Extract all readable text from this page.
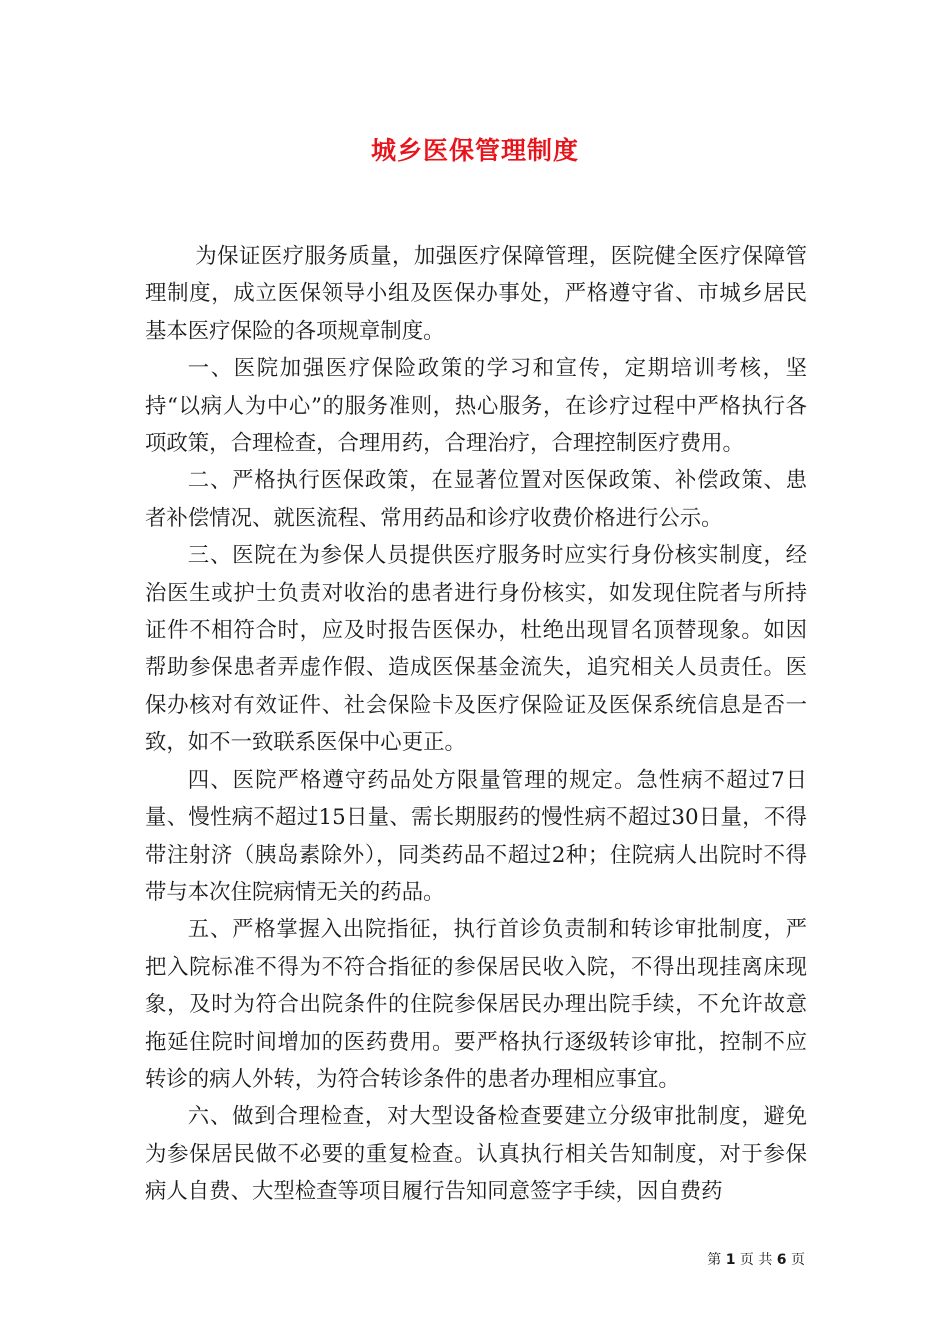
城乡医保管理制度

为保证医疗服务质量，加强医疗保障管理，医院健全医疗保障管理制度，成立医保领导小组及医保办事处，严格遵守省、市城乡居民基本医疗保险的各项规章制度。

一、医院加强医疗保险政策的学习和宣传，定期培训考核，坚持“以病人为中心”的服务准则，热心服务，在诊疗过程中严格执行各项政策，合理检查，合理用药，合理治疗，合理控制医疗费用。

二、严格执行医保政策，在显著位置对医保政策、补偿政策、患者补偿情况、就医流程、常用药品和诊疗收费价格进行公示。

三、医院在为参保人员提供医疗服务时应实行身份核实制度，经治医生或护士负责对收治的患者进行身份核实，如发现住院者与所持证件不相符合时，应及时报告医保办，杜绝出现冒名顶替现象。如因帮助参保患者弄虚作假、造成医保基金流失，追究相关人员责任。医保办核对有效证件、社会保险卡及医疗保险证及医保系统信息是否一致，如不一致联系医保中心更正。

四、医院严格遵守药品处方限量管理的规定。急性病不超过7日量、慢性病不超过15日量、需长期服药的慢性病不超过30日量，不得带注射济（胰岛素除外），同类药品不超过2种；住院病人出院时不得带与本次住院病情无关的药品。

五、严格掌握入出院指征，执行首诊负责制和转诊审批制度，严把入院标准不得为不符合指征的参保居民收入院，不得出现挂离床现象，及时为符合出院条件的住院参保居民办理出院手续，不允许故意拖延住院时间增加的医药费用。要严格执行逐级转诊审批，控制不应转诊的病人外转，为符合转诊条件的患者办理相应事宜。

六、做到合理检查，对大型设备检查要建立分级审批制度，避免为参保居民做不必要的重复检查。认真执行相关告知制度，对于参保病人自费、大型检查等项目履行告知同意签字手续，因自费药

第 1 页 共 6 页
